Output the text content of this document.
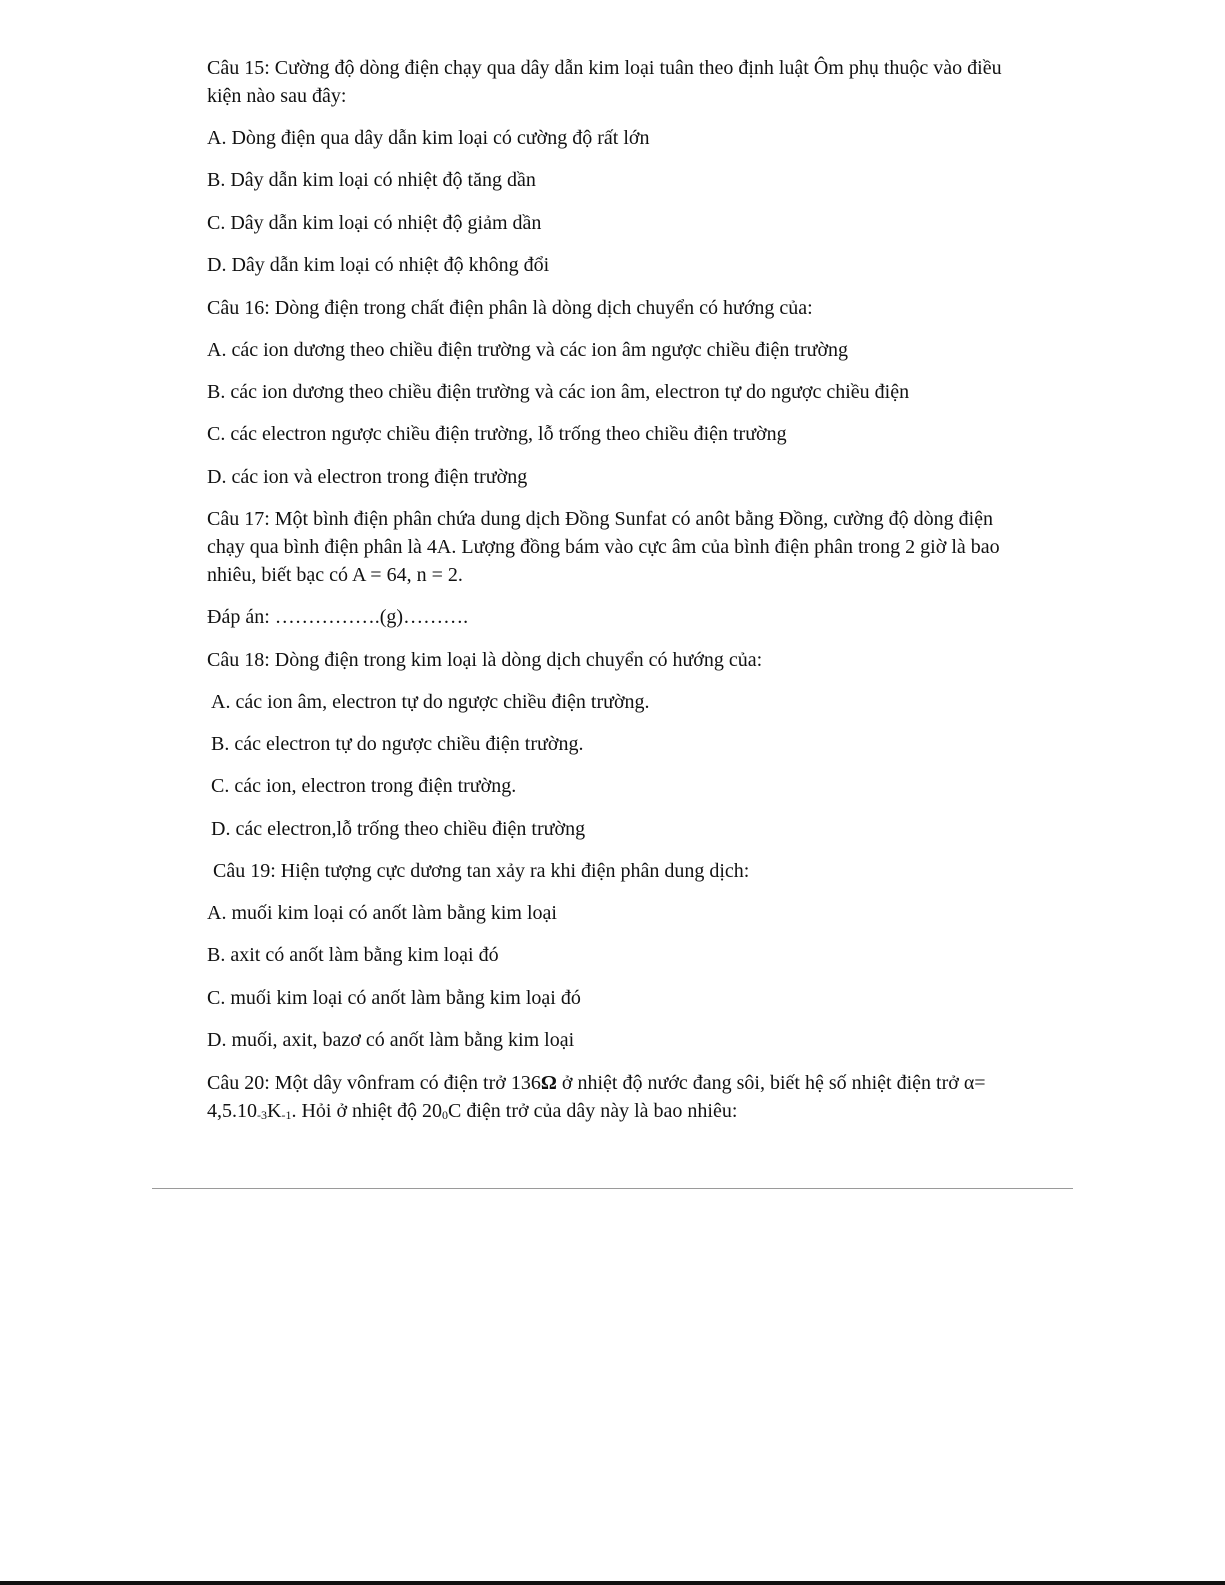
Câu 15: Cường độ dòng điện chạy qua dây dẫn kim loại tuân theo định luật Ôm phụ thuộc vào điều kiện nào sau đây:

A. Dòng điện qua dây dẫn kim loại có cường độ rất lớn

B. Dây dẫn kim loại có nhiệt độ tăng dần

C. Dây dẫn kim loại có nhiệt độ giảm dần

D. Dây dẫn kim loại có nhiệt độ không đổi

Câu 16: Dòng điện trong chất điện phân là dòng dịch chuyển có hướng của:

A. các ion dương theo chiều điện trường và các ion âm ngược chiều điện trường

B. các ion dương theo chiều điện trường và các ion âm, electron tự do ngược chiều điện

C. các electron ngược chiều điện trường, lỗ trống theo chiều điện trường

D. các ion và electron trong điện trường

Câu 17: Một bình điện phân chứa dung dịch Đồng Sunfat có anôt bằng Đồng, cường độ dòng điện chạy qua bình điện phân là 4A. Lượng đồng bám vào cực âm của bình điện phân trong 2 giờ là bao nhiêu, biết bạc có A = 64, n = 2.

Đáp án: …………….(g)……….

Câu 18: Dòng điện trong kim loại là dòng dịch chuyển có hướng của:

A. các ion âm, electron tự do ngược chiều điện trường.

B. các electron tự do ngược chiều điện trường.

C. các ion, electron trong điện trường.

D. các electron,lỗ trống theo chiều điện trường

Câu 19: Hiện tượng cực dương tan xảy ra khi điện phân dung dịch:

A. muối kim loại có anốt làm bằng kim loại

B. axit có anốt làm bằng kim loại đó

C. muối kim loại có anốt làm bằng kim loại đó

D. muối, axit, bazơ có anốt làm bằng kim loại

Câu 20: Một dây vônfram có điện trở 136Ω ở nhiệt độ nước đang sôi, biết hệ số nhiệt điện trở $\alpha= 4,5.10_{-3}K_{-1}$. Hỏi ở nhiệt độ $20_0C$ điện trở của dây này là bao nhiêu:
